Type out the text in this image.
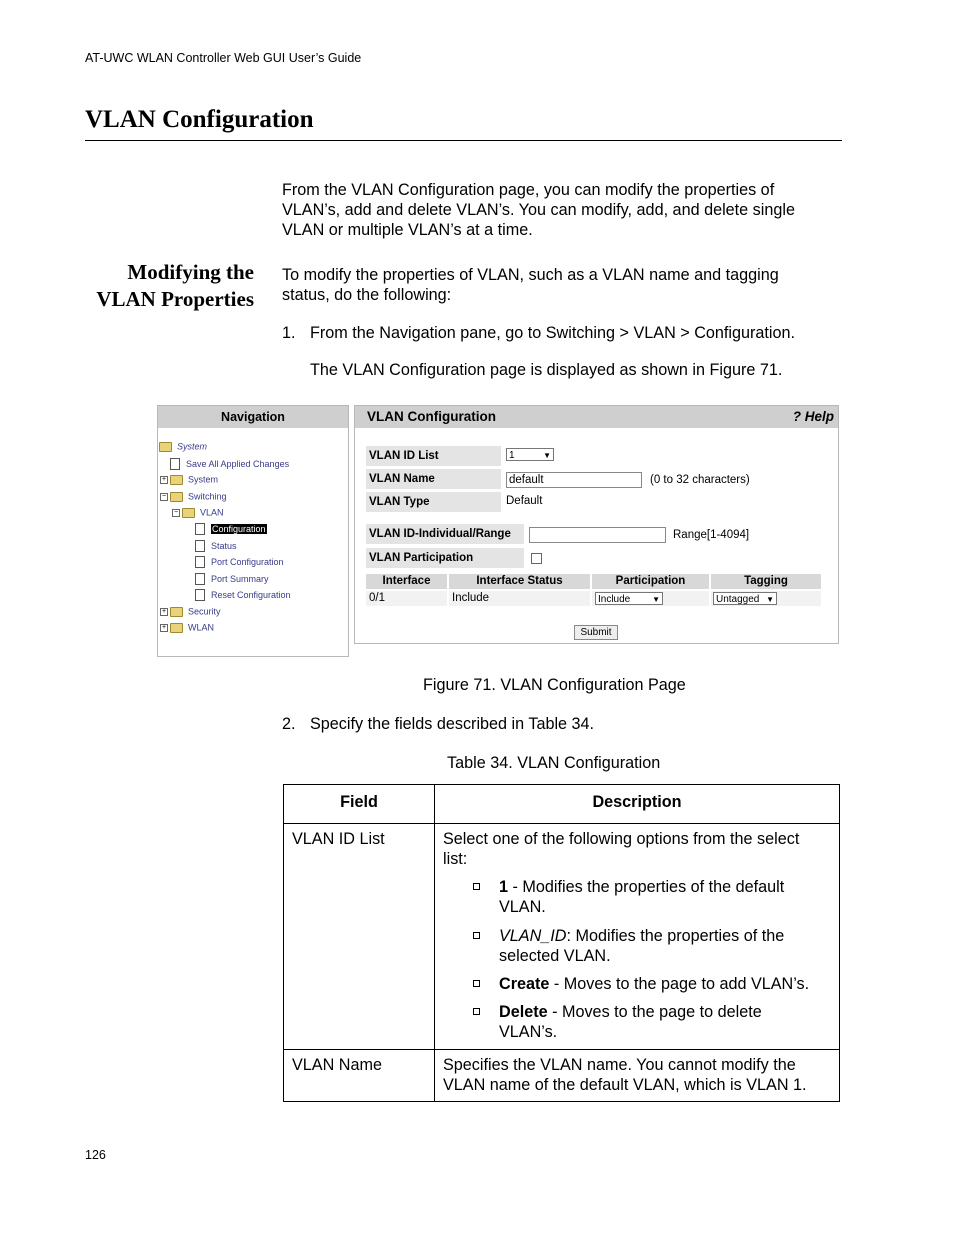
AT-UWC WLAN Controller Web GUI User’s Guide
VLAN Configuration
From the VLAN Configuration page, you can modify the properties of
VLAN’s, add and delete VLAN’s. You can modify, add, and delete single
VLAN or multiple VLAN’s at a time.
Modifying the
VLAN Properties
To modify the properties of VLAN, such as a VLAN name and tagging
status, do the following:
1. From the Navigation pane, go to Switching > VLAN > Configuration.
The VLAN Configuration page is displayed as shown in Figure 71.
Navigation
System
Save All Applied Changes
+ System
− Switching
− VLAN
Configuration
Status
Port Configuration
Port Summary
Reset Configuration
+ Security
+ WLAN
VLAN Configuration	? Help
VLAN ID List	1	▼
VLAN Name	default	(0 to 32 characters)
VLAN Type	Default
VLAN ID-Individual/Range	Range[1-4094]
VLAN Participation
Interface	Interface Status	Participation	Tagging
0/1	Include	Include	▼	Untagged ▼
Submit
Figure 71. VLAN Configuration Page
2. Specify the fields described in Table 34.
Table 34. VLAN Configuration
Field	Description
VLAN ID List	Select one of the following options from the select
list:
1 - Modifies the properties of the default
VLAN.
VLAN_ID: Modifies the properties of the
selected VLAN.
Create - Moves to the page to add VLAN’s.
Delete - Moves to the page to delete
VLAN’s.
VLAN Name	Specifies the VLAN name. You cannot modify the
VLAN name of the default VLAN, which is VLAN 1.
126
